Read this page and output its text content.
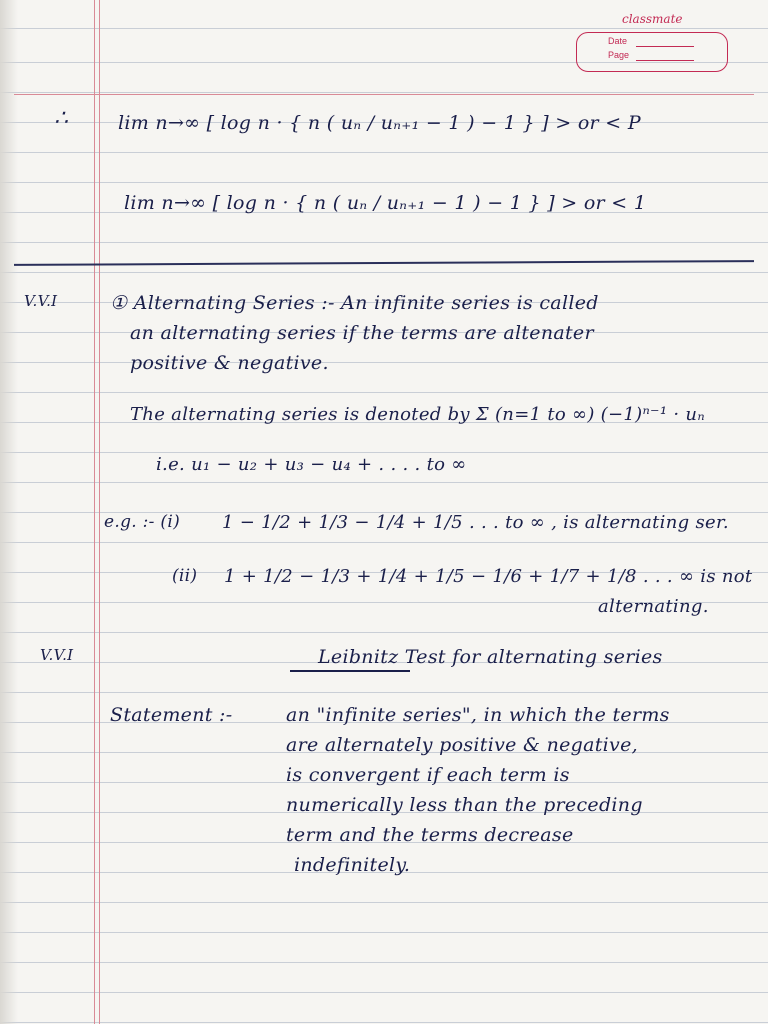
classmate
Date
Page
∴	lim n→∞ [ log n · { n ( uₙ / uₙ₊₁ − 1 ) − 1 } ] > or < P
lim n→∞ [ log n · { n ( uₙ / uₙ₊₁ − 1 ) − 1 } ] > or < 1
V.V.I	① Alternating Series :- An infinite series is called
an alternating series if the terms are altenater
positive & negative.
The alternating series is denoted by Σ (n=1 to ∞) (−1)ⁿ⁻¹ · uₙ
i.e. u₁ − u₂ + u₃ − u₄ + . . . . to ∞
e.g. :- (i) 1 − 1/2 + 1/3 − 1/4 + 1/5 . . . to ∞ , is alternating ser.
(ii) 1 + 1/2 − 1/3 + 1/4 + 1/5 − 1/6 + 1/7 + 1/8 . . . ∞ is not
alternating.
V.V.I	Leibnitz Test for alternating series
Statement :-	an "infinite series", in which the terms
are alternately positive & negative,
is convergent if each term is
numerically less than the preceding
term and the terms decrease
indefinitely.
